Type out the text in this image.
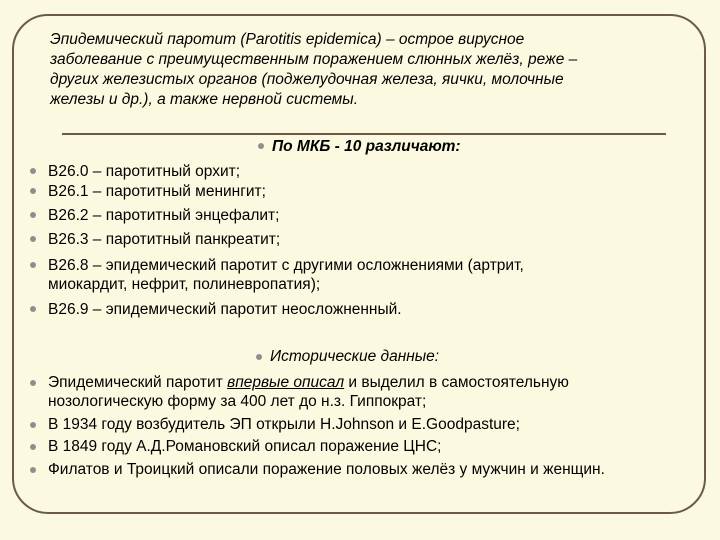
Эпидемический паротит (Parotitis epidemica) – острое вирусное
заболевание с преимущественным поражением слюнных желёз, реже –
других железистых органов (поджелудочная железа, яички, молочные
железы и др.), а также нервной системы.
По МКБ - 10 различают:
В26.0 – паротитный орхит;
В26.1 – паротитный менингит;
В26.2 – паротитный энцефалит;
В26.3 – паротитный панкреатит;
В26.8 – эпидемический паротит с другими осложнениями (артрит,
миокардит, нефрит, полиневропатия);
В26.9 – эпидемический паротит неосложненный.
Исторические данные:
Эпидемический паротит впервые описал и выделил в самостоятельную
нозологическую форму за 400 лет до н.з. Гиппократ;
В 1934 году возбудитель ЭП открыли H.Johnson и E.Goodpasture;
В 1849 году А.Д.Романовский описал поражение ЦНС;
Филатов и Троицкий описали поражение половых желёз у мужчин и женщин.
